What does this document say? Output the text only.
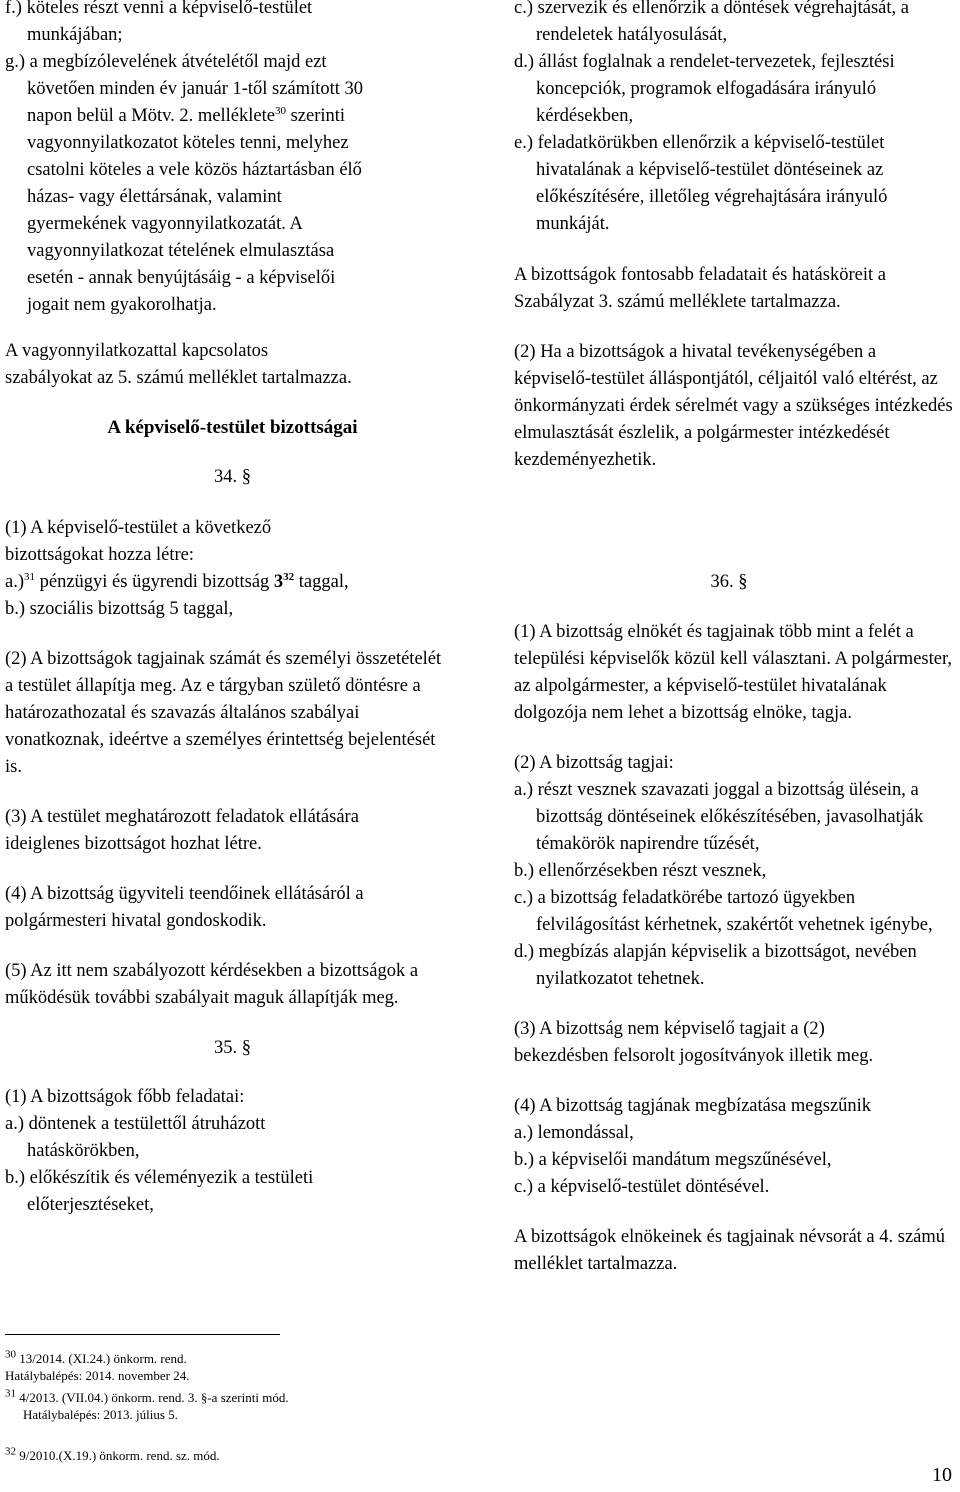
f.) köteles részt venni a képviselő-testület

munkájában;

g.) a megbízólevelének átvételétől majd ezt

követően minden év január 1-től számított 30

napon belül a Mötv. 2. melléklete$^{30}$ szerinti

vagyonnyilatkozatot köteles tenni, melyhez

csatolni köteles a vele közös háztartásban élő

házas- vagy élettársának, valamint

gyermekének vagyonnyilatkozatát. A

vagyonnyilatkozat tételének elmulasztása

esetén - annak benyújtásáig - a képviselői

jogait nem gyakorolhatja.

A vagyonnyilatkozattal kapcsolatos

szabályokat az 5. számú melléklet tartalmazza.

A képviselő-testület bizottságai

34. §

(1) A képviselő-testület a következő

bizottságokat hozza létre:

a.)$^{31}$ pénzügyi és ügyrendi bizottság $3^{32}$ taggal,

b.) szociális bizottság 5 taggal,

(2) A bizottságok tagjainak számát és személyi összetételét a testület állapítja meg. Az e tárgyban születő döntésre a határozathozatal és szavazás általános szabályai vonatkoznak, ideértve a személyes érintettség bejelentését is.

(3) A testület meghatározott feladatok ellátására ideiglenes bizottságot hozhat létre.

(4) A bizottság ügyviteli teendőinek ellátásáról a polgármesteri hivatal gondoskodik.

(5) Az itt nem szabályozott kérdésekben a bizottságok a működésük további szabályait maguk állapítják meg.

35. §

(1) A bizottságok főbb feladatai:

a.) döntenek a testülettől átruházott hatáskörökben,

b.) előkészítik és véleményezik a testületi előterjesztéseket,

$^{30}$ 13/2014. (XI.24.) önkorm. rend.
Hatálybalépés: 2014. november 24.
$^{31}$ 4/2013. (VII.04.) önkorm. rend. 3. §-a szerinti mód.
Hatálybalépés: 2013. július 5.
$^{32}$ 9/2010.(X.19.) önkorm. rend. sz. mód.

c.) szervezik és ellenőrzik a döntések végrehajtását, a rendeletek hatályosulását,

d.) állást foglalnak a rendelet-tervezetek, fejlesztési koncepciók, programok elfogadására irányuló kérdésekben,

e.) feladatkörükben ellenőrzik a képviselő-testület hivatalának a képviselő-testület döntéseinek az előkészítésére, illetőleg végrehajtására irányuló munkáját.

A bizottságok fontosabb feladatait és hatásköreit a Szabályzat 3. számú melléklete tartalmazza.

(2) Ha a bizottságok a hivatal tevékenységében a képviselő-testület álláspontjától, céljaitól való eltérést, az önkormányzati érdek sérelmét vagy a szükséges intézkedés elmulasztását észlelik, a polgármester intézkedését kezdeményezhetik.

36. §

(1) A bizottság elnökét és tagjainak több mint a felét a települési képviselők közül kell választani. A polgármester, az alpolgármester, a képviselő-testület hivatalának dolgozója nem lehet a bizottság elnöke, tagja.

(2) A bizottság tagjai:

a.) részt vesznek szavazati joggal a bizottság ülésein, a bizottság döntéseinek előkészítésében, javasolhatják témakörök napirendre tűzését,

b.) ellenőrzésekben részt vesznek,

c.) a bizottság feladatkörébe tartozó ügyekben felvilágosítást kérhetnek, szakértőt vehetnek igénybe,

d.) megbízás alapján képviselik a bizottságot, nevében nyilatkozatot tehetnek.

(3) A bizottság nem képviselő tagjait a (2) bekezdésben felsorolt jogosítványok illetik meg.

(4) A bizottság tagjának megbízatása megszűnik

a.) lemondással,

b.) a képviselői mandátum megszűnésével,

c.) a képviselő-testület döntésével.

A bizottságok elnökeinek és tagjainak névsorát a 4. számú melléklet tartalmazza.

10
